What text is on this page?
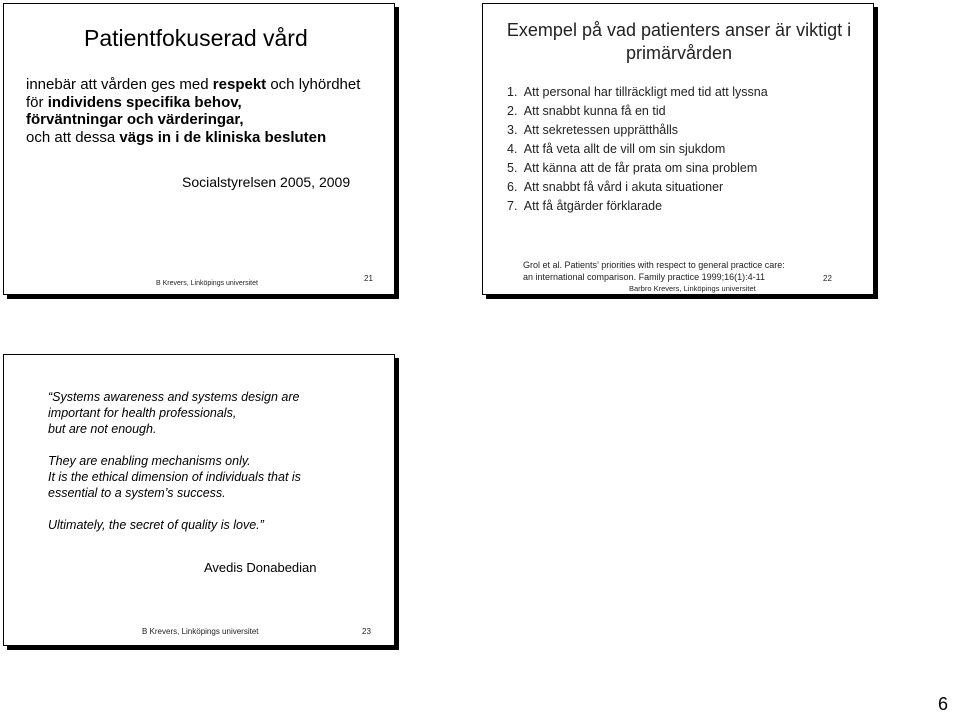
Patientfokuserad vård
innebär att vården ges med respekt och lyhördhet
för individens specifika behov,
förväntningar och värderingar,
och att dessa vägs in i de kliniska besluten
Socialstyrelsen 2005, 2009
B Krevers, Linköpings universitet
21
Exempel på vad patienters anser är viktigt i primärvården
1. Att personal har tillräckligt med tid att lyssna
2. Att snabbt kunna få en tid
3. Att sekretessen upprätthålls
4. Att få veta allt de vill om sin sjukdom
5. Att känna att de får prata om sina problem
6. Att snabbt få vård i akuta situationer
7. Att få åtgärder förklarade
Grol et al. Patients’ priorities with respect to general practice care:
an international comparison. Family practice 1999;16(1):4-11
Barbro Krevers, Linköpings universitet
22
“Systems awareness and systems design are
important for health professionals,
but are not enough.
They are enabling mechanisms only.
It is the ethical dimension of individuals that is
essential to a system’s success.
Ultimately, the secret of quality is love.”
Avedis Donabedian
B Krevers, Linköpings universitet	23
6
